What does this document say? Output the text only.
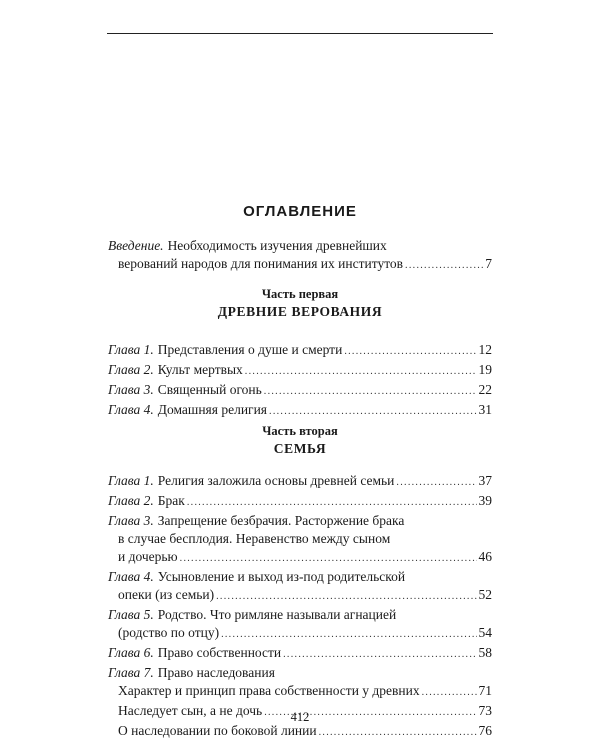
ОГЛАВЛЕНИЕ
Введение. Необходимость изучения древнейших
верований народов для понимания их институтов .....	7
Часть первая
ДРЕВНИЕ ВЕРОВАНИЯ
Глава 1. Представления о душе и смерти .....	12
Глава 2. Культ мертвых .....	19
Глава 3. Священный огонь .....	22
Глава 4. Домашняя религия .....	31
Часть вторая
СЕМЬЯ
Глава 1. Религия заложила основы древней семьи .....	37
Глава 2. Брак .....	39
Глава 3. Запрещение безбрачия. Расторжение брака
в случае бесплодия. Неравенство между сыном
и дочерью .....	46
Глава 4. Усыновление и выход из-под родительской
опеки (из семьи) .....	52
Глава 5. Родство. Что римляне называли агнацией
(родство по отцу) .....	54
Глава 6. Право собственности .....	58
Глава 7. Право наследования
Характер и принцип права собственности у древних .....	71
Наследует сын, а не дочь .....	73
О наследовании по боковой линии .....	76
412
